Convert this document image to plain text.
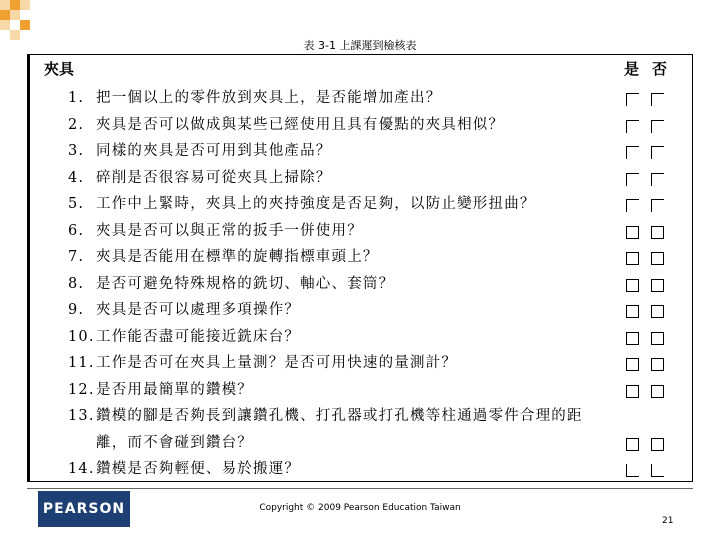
表 3-1 上課遲到檢核表
夾具	是 否
1. 把一個以上的零件放到夾具上，是否能增加產出？
2. 夾具是否可以做成與某些已經使用且具有優點的夾具相似？
3. 同樣的夾具是否可用到其他產品？
4. 碎削是否很容易可從夾具上掃除？
5. 工作中上緊時，夾具上的夾持強度是否足夠，以防止變形扭曲？
6. 夾具是否可以與正常的扳手一併使用？
7. 夾具是否能用在標準的旋轉指標車頭上？
8. 是否可避免特殊規格的銑切、軸心、套筒？
9. 夾具是否可以處理多項操作？
10.工作能否盡可能接近銑床台？
11.工作是否可在夾具上量測？是否可用快速的量測計？
12.是否用最簡單的鑽模？
13.鑽模的腳是否夠長到讓鑽孔機、打孔器或打孔機等柱通過零件合理的距
離，而不會碰到鑽台？
14.鑽模是否夠輕便、易於搬運？
PEARSON	Copyright © 2009 Pearson Education Taiwan
21
